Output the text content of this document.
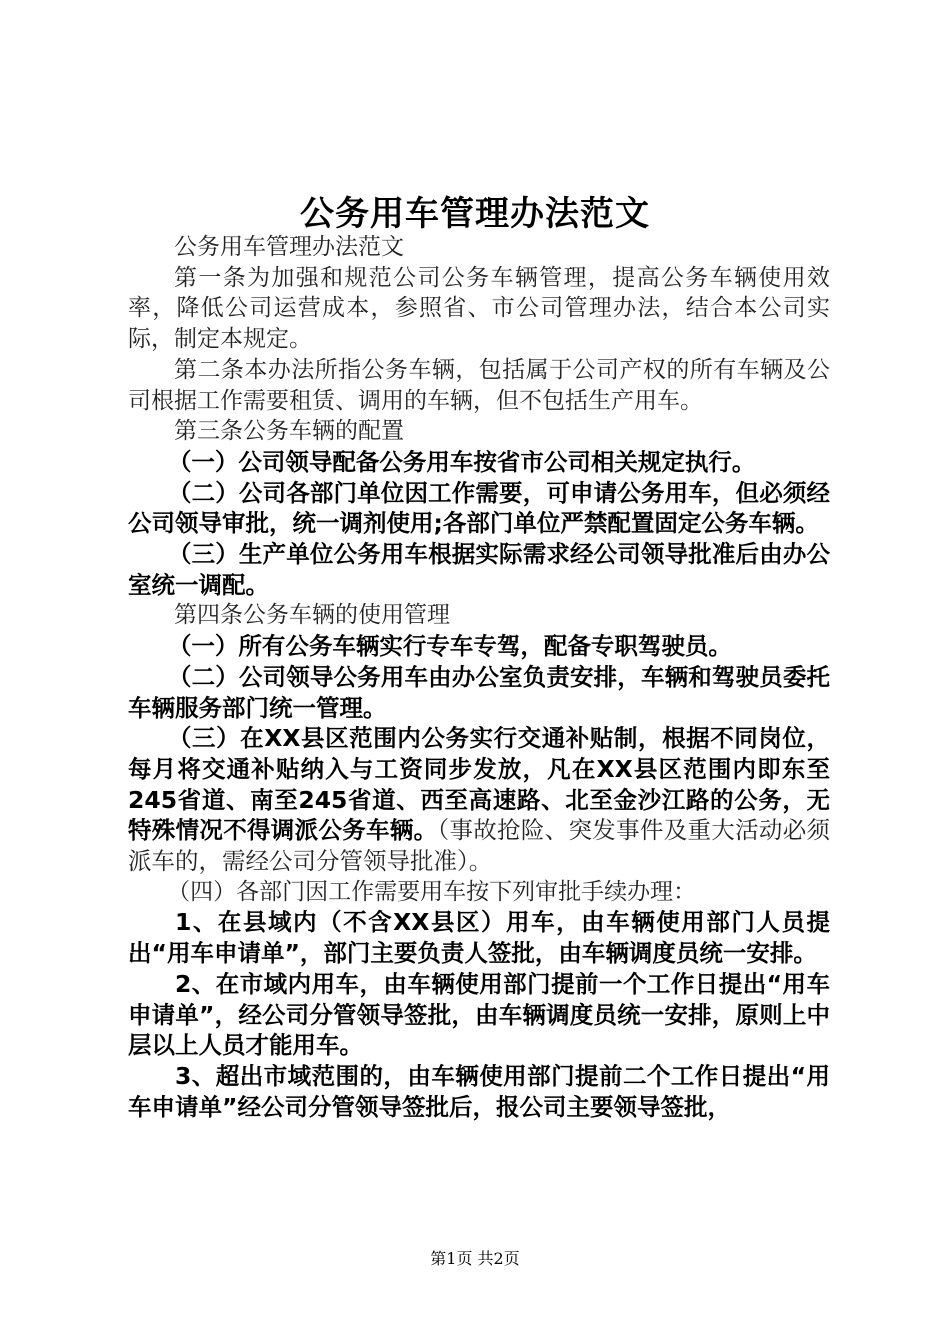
公务用车管理办法范文

公务用车管理办法范文

第一条为加强和规范公司公务车辆管理，提高公务车辆使用效率，降低公司运营成本，参照省、市公司管理办法，结合本公司实际，制定本规定。

第二条本办法所指公务车辆，包括属于公司产权的所有车辆及公司根据工作需要租赁、调用的车辆，但不包括生产用车。

第三条公务车辆的配置

（一）公司领导配备公务用车按省市公司相关规定执行。

（二）公司各部门单位因工作需要，可申请公务用车，但必须经公司领导审批，统一调剂使用;各部门单位严禁配置固定公务车辆。

（三）生产单位公务用车根据实际需求经公司领导批准后由办公室统一调配。

第四条公务车辆的使用管理

（一）所有公务车辆实行专车专驾，配备专职驾驶员。

（二）公司领导公务用车由办公室负责安排，车辆和驾驶员委托车辆服务部门统一管理。

（三）在XX县区范围内公务实行交通补贴制，根据不同岗位，每月将交通补贴纳入与工资同步发放，凡在XX县区范围内即东至245省道、南至245省道、西至高速路、北至金沙江路的公务，无特殊情况不得调派公务车辆。（事故抢险、突发事件及重大活动必须派车的，需经公司分管领导批准）。

（四）各部门因工作需要用车按下列审批手续办理：

1、在县域内（不含XX县区）用车，由车辆使用部门人员提出“用车申请单”，部门主要负责人签批，由车辆调度员统一安排。

2、在市域内用车，由车辆使用部门提前一个工作日提出“用车申请单”，经公司分管领导签批，由车辆调度员统一安排，原则上中层以上人员才能用车。

3、超出市域范围的，由车辆使用部门提前二个工作日提出“用车申请单”经公司分管领导签批后，报公司主要领导签批，

第1页 共2页
